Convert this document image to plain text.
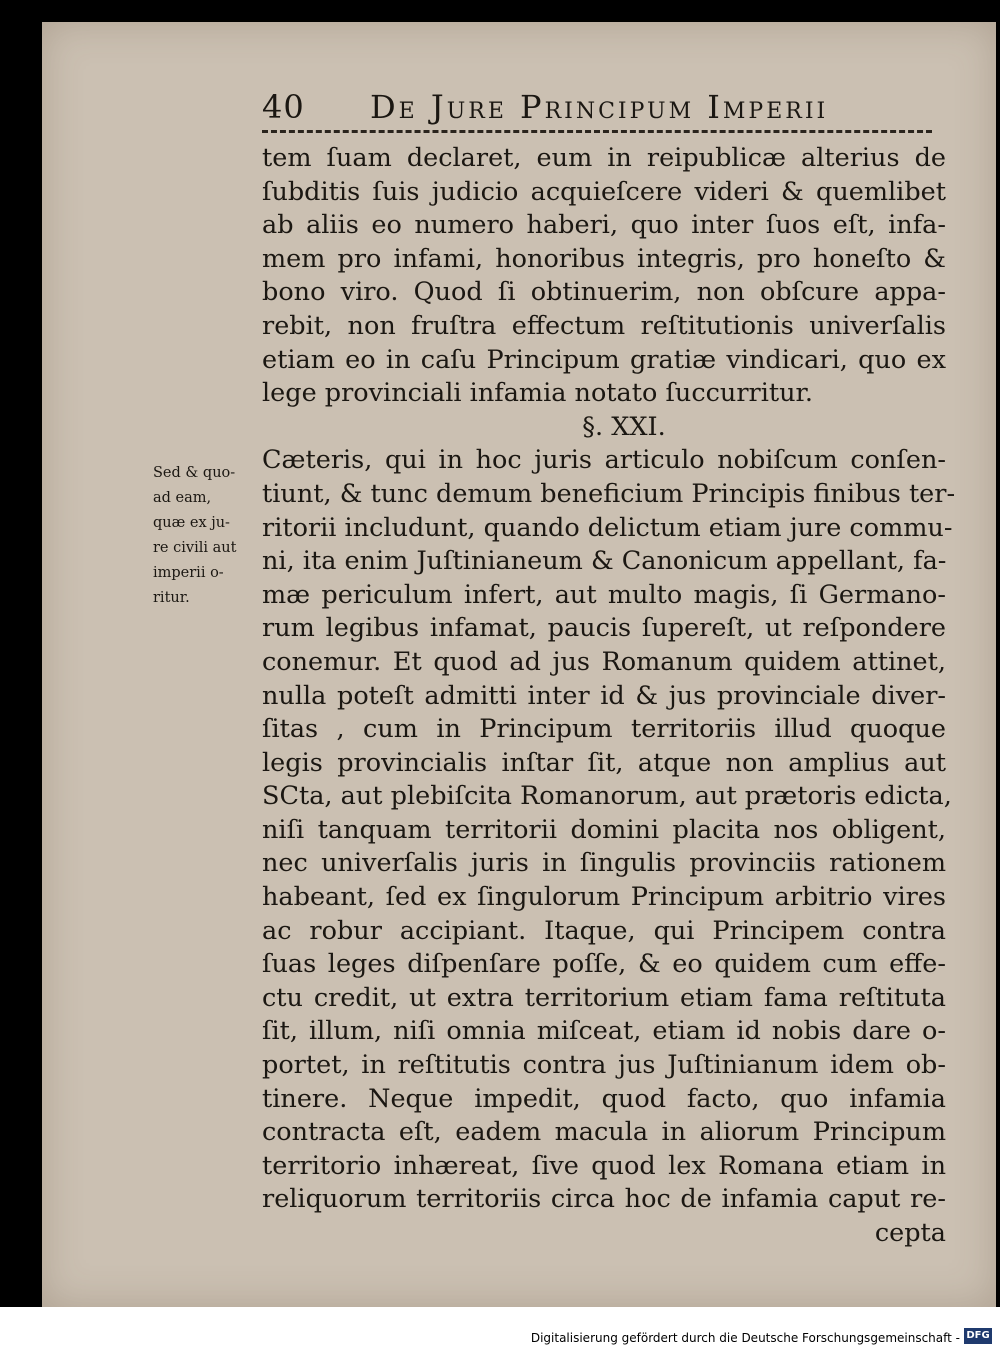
40 De Jure Principum Imperii
tem ſuam declaret, eum in reipublicæ alterius de
ſubditis ſuis judicio acquieſcere videri & quemlibet
ab aliis eo numero haberi, quo inter ſuos eſt, infa-
mem pro infami, honoribus integris, pro honeſto &
bono viro. Quod ſi obtinuerim, non obſcure appa-
rebit, non fruſtra effectum reſtitutionis univerſalis
etiam eo in caſu Principum gratiæ vindicari, quo ex
lege provinciali infamia notato ſuccurritur.
§. XXI.
Cæteris, qui in hoc juris articulo nobiſcum conſen-
tiunt, & tunc demum beneficium Principis finibus ter-
ritorii includunt, quando delictum etiam jure commu-
ni, ita enim Juſtinianeum & Canonicum appellant, fa-
mæ periculum infert, aut multo magis, ſi Germano-
rum legibus infamat, paucis ſupereſt, ut reſpondere
conemur. Et quod ad jus Romanum quidem attinet,
nulla poteſt admitti inter id & jus provinciale diver-
ſitas , cum in Principum territoriis illud quoque
legis provincialis inſtar ſit, atque non amplius aut
SCta, aut plebiſcita Romanorum, aut prætoris edicta,
niſi tanquam territorii domini placita nos obligent,
nec univerſalis juris in ſingulis provinciis rationem
habeant, ſed ex ſingulorum Principum arbitrio vires
ac robur accipiant. Itaque, qui Principem contra
ſuas leges diſpenſare poſſe, & eo quidem cum effe-
ctu credit, ut extra territorium etiam fama reſtituta
ſit, illum, niſi omnia miſceat, etiam id nobis dare o-
portet, in reſtitutis contra jus Juſtinianum idem ob-
tinere. Neque impedit, quod facto, quo infamia
contracta eſt, eadem macula in aliorum Principum
territorio inhæreat, ſive quod lex Romana etiam in
reliquorum territoriis circa hoc de infamia caput re-
cepta
Sed & quo-
ad eam,
quæ ex ju-
re civili aut
imperii o-
ritur.
Digitalisierung gefördert durch die Deutsche Forschungsgemeinschaft - DFG
